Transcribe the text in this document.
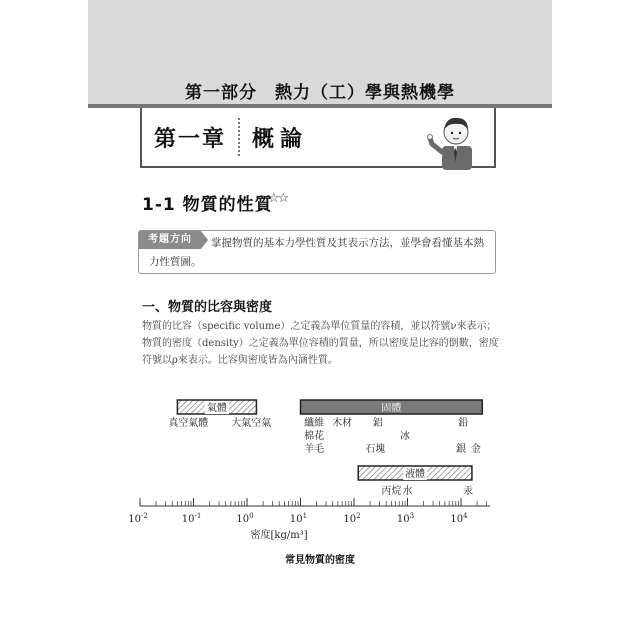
第一部分　熱力（工）學與熱機學
第一章 概論
1-1 物質的性質
☆☆
掌握物質的基本力學性質及其表示方法，並學會看懂基本熱力性質圖。
考題方向
一、物質的比容與密度
物質的比容（specific volume）之定義為單位質量的容積，並以符號ν來表示；物質的密度（density）之定義為單位容積的質量，所以密度是比容的倒數，密度符號以ρ來表示。比容與密度皆為內涵性質。
$10^{-2}$	$10^{-1}$	$10^0$	$10^1$	$10^2$	$10^3$	$10^4$
密度[kg/m³]
氣體	固體
液體
真空氣體 大氣空氣	纖維
棉花
羊毛
木材 鋁
冰
石塊
鉛
銀 金
丙烷 水	汞
常見物質的密度
